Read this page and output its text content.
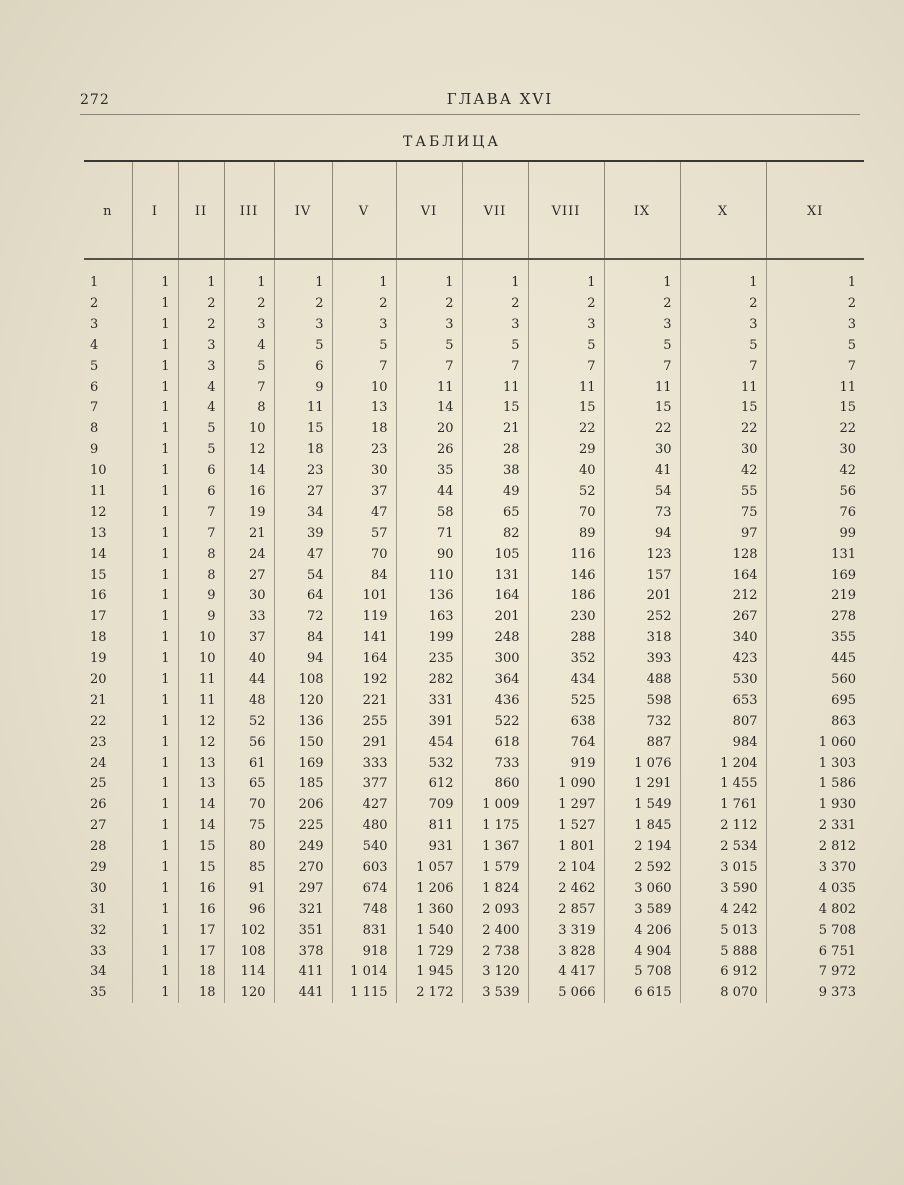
272	ГЛАВА XVI
ТАБЛИЦА
n	I	II	III	IV	V	VI	VII	VIII	IX	X	XI
1	1	1	1	1	1	1	1	1	1	1	1
2	1	2	2	2	2	2	2	2	2	2	2
3	1	2	3	3	3	3	3	3	3	3	3
4	1	3	4	5	5	5	5	5	5	5	5
5	1	3	5	6	7	7	7	7	7	7	7
6	1	4	7	9	10	11	11	11	11	11	11
7	1	4	8	11	13	14	15	15	15	15	15
8	1	5	10	15	18	20	21	22	22	22	22
9	1	5	12	18	23	26	28	29	30	30	30
10	1	6	14	23	30	35	38	40	41	42	42
11	1	6	16	27	37	44	49	52	54	55	56
12	1	7	19	34	47	58	65	70	73	75	76
13	1	7	21	39	57	71	82	89	94	97	99
14	1	8	24	47	70	90	105	116	123	128	131
15	1	8	27	54	84	110	131	146	157	164	169
16	1	9	30	64	101	136	164	186	201	212	219
17	1	9	33	72	119	163	201	230	252	267	278
18	1	10	37	84	141	199	248	288	318	340	355
19	1	10	40	94	164	235	300	352	393	423	445
20	1	11	44	108	192	282	364	434	488	530	560
21	1	11	48	120	221	331	436	525	598	653	695
22	1	12	52	136	255	391	522	638	732	807	863
23	1	12	56	150	291	454	618	764	887	984	1 060
24	1	13	61	169	333	532	733	919	1 076	1 204	1 303
25	1	13	65	185	377	612	860	1 090	1 291	1 455	1 586
26	1	14	70	206	427	709	1 009	1 297	1 549	1 761	1 930
27	1	14	75	225	480	811	1 175	1 527	1 845	2 112	2 331
28	1	15	80	249	540	931	1 367	1 801	2 194	2 534	2 812
29	1	15	85	270	603	1 057	1 579	2 104	2 592	3 015	3 370
30	1	16	91	297	674	1 206	1 824	2 462	3 060	3 590	4 035
31	1	16	96	321	748	1 360	2 093	2 857	3 589	4 242	4 802
32	1	17	102	351	831	1 540	2 400	3 319	4 206	5 013	5 708
33	1	17	108	378	918	1 729	2 738	3 828	4 904	5 888	6 751
34	1	18	114	411	1 014	1 945	3 120	4 417	5 708	6 912	7 972
35	1	18	120	441	1 115	2 172	3 539	5 066	6 615	8 070	9 373
